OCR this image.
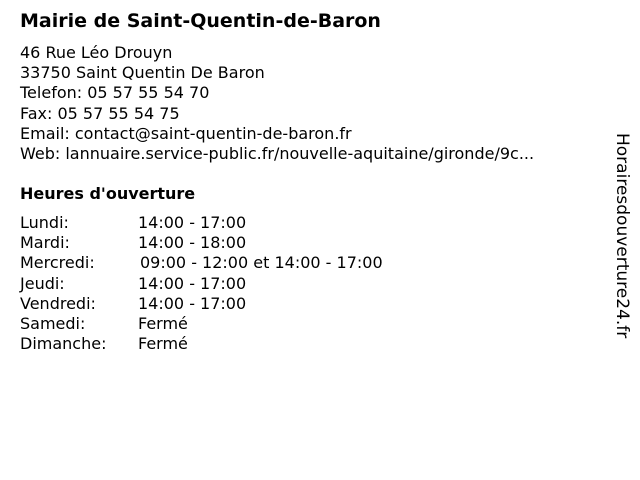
Mairie de Saint-Quentin-de-Baron
46 Rue Léo Drouyn
33750 Saint Quentin De Baron
Telefon: 05 57 55 54 70
Fax: 05 57 55 54 75
Email: contact@saint-quentin-de-baron.fr
Web: lannuaire.service-public.fr/nouvelle-aquitaine/gironde/9c...
Heures d'ouverture
Lundi:	14:00 - 17:00
Mardi:	14:00 - 18:00
Mercredi:	09:00 - 12:00 et 14:00 - 17:00
Jeudi:	14:00 - 17:00
Vendredi:	14:00 - 17:00
Samedi:	Fermé
Dimanche: Fermé
Horairesdouverture24.fr
